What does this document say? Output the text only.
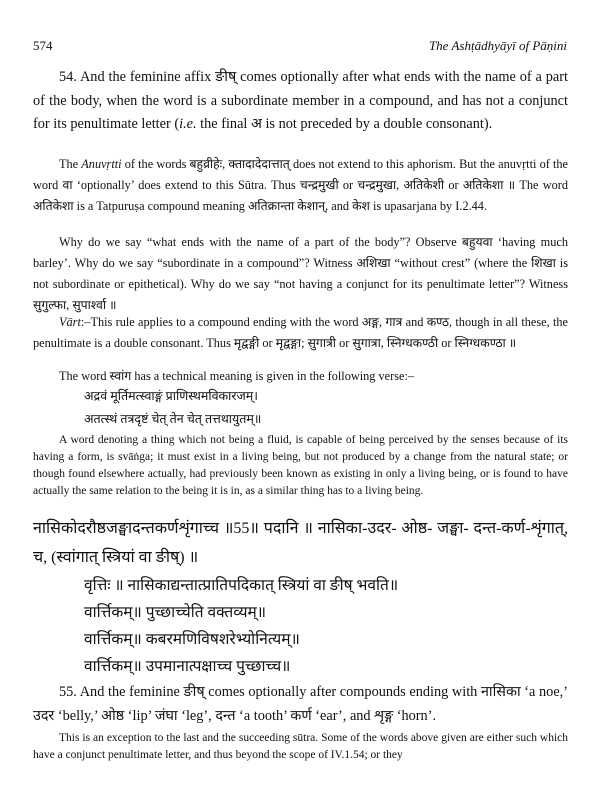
574	The Ashṭādhyāyī of Pāṇini
54. And the feminine affix ङीष् comes optionally after what ends with the name of a part of the body, when the word is a subordinate member in a compound, and has not a conjunct for its penultimate letter (i.e. the final अ is not preceded by a double consonant).
The Anuvṛtti of the words बहुव्रीहेः, क्तादादेदात्तात् does not extend to this aphorism. But the anuvṛtti of the word वा ‘optionally’ does extend to this Sūtra. Thus चन्द्रमुखी or चन्द्रमुखा, अतिकेशी or अतिकेशा ॥ The word अतिकेशा is a Tatpuruṣa compound meaning अतिक्रान्ता केशान्, and केश is upasarjana by I.2.44.
Why do we say “what ends with the name of a part of the body”? Observe बहुयवा ‘having much barley’. Why do we say “subordinate in a compound”? Witness अशिखा “without crest” (where the शिखा is not subordinate or epithetical). Why do we say “not having a conjunct for its penultimate letter”? Witness सुगुल्फा, सुपार्श्वा ॥
Vārt:–This rule applies to a compound ending with the word अङ्ग, गात्र and कण्ठ, though in all these, the penultimate is a double consonant. Thus मृद्वङ्गी or मृद्वङ्गा; सुगात्री or सुगात्रा, स्निग्धकण्ठी or स्निग्धकण्ठा ॥
The word स्वांग has a technical meaning is given in the following verse:–
अद्रवं मूर्तिमत्स्वाङ्गं प्राणिस्थमविकारजम्।
अतत्स्थं तत्रदृष्टं चेत् तेन चेत् तत्तथायुतम्॥
A word denoting a thing which not being a fluid, is capable of being perceived by the senses because of its having a form, is svāṅga; it must exist in a living being, but not produced by a change from the natural state; or though found elsewhere actually, had previously been known as existing in only a living being, or is found to have actually the same relation to the being it is in, as a similar thing has to a living being.
नासिकोदरौष्ठजङ्घादन्तकर्णशृंगाच्च ॥55॥ पदानि ॥ नासिका-उदर- ओष्ठ- जङ्घा- दन्त-कर्ण-शृंगात्, च, (स्वांगात् स्त्रियां वा ङीष्) ॥
वृत्तिः ॥ नासिकाद्यन्तात्प्रातिपदिकात् स्त्रियां वा ङीष् भवति॥
वार्त्तिकम्॥ पुच्छाच्चेति वक्तव्यम्॥
वार्त्तिकम्॥ कबरमणिविषशरेभ्योनित्यम्॥
वार्त्तिकम्॥ उपमानात्पक्षाच्च पुच्छाच्च॥
55. And the feminine ङीष् comes optionally after compounds ending with नासिका ‘a noe,’ उदर ‘belly,’ ओष्ठ ‘lip’ जंघा ‘leg’, दन्त ‘a tooth’ कर्ण ‘ear’, and शृङ्ग ‘horn’.
This is an exception to the last and the succeeding sūtra. Some of the words above given are either such which have a conjunct penultimate letter, and thus beyond the scope of IV.1.54; or they
